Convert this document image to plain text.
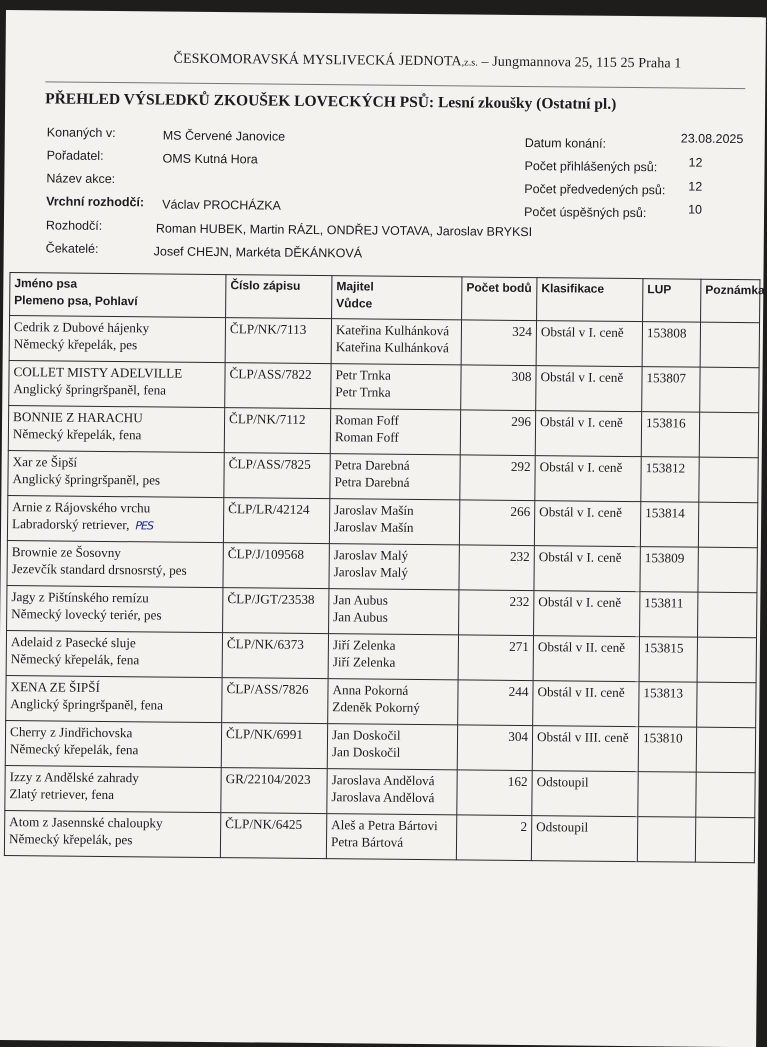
ČESKOMORAVSKÁ MYSLIVECKÁ JEDNOTA,z.s. – Jungmannova 25, 115 25 Praha 1
PŘEHLED VÝSLEDKŮ ZKOUŠEK LOVECKÝCH PSŮ: Lesní zkoušky (Ostatní pl.)
Konaných v:	MS Červené Janovice
Pořadatel:	OMS Kutná Hora
Název akce:
Vrchní rozhodčí: Václav PROCHÁZKA
Rozhodčí:	Roman HUBEK, Martin RÁZL, ONDŘEJ VOTAVA, Jaroslav BRYKSI
Čekatelé:	Josef CHEJN, Markéta DĚKÁNKOVÁ
Datum konání:	23.08.2025
Počet přihlášených psů: 12
Počet předvedených psů: 12
Počet úspěšných psů:	10
Jméno psa
Plemeno psa, Pohlaví	Číslo zápisu	Majitel
Vůdce	Počet bodů	Klasifikace	LUP	Poznámka

Cedrik z Dubové hájenky
Německý křepelák, pes	ČLP/NK/7113	Kateřina Kulhánková
Kateřina Kulhánková	324	Obstál v I. ceně	153808	

COLLET MISTY ADELVILLE
Anglický špringršpaněl, fena	ČLP/ASS/7822	Petr Trnka
Petr Trnka	308	Obstál v I. ceně	153807	

BONNIE Z HARACHU
Německý křepelák, fena	ČLP/NK/7112	Roman Foff
Roman Foff	296	Obstál v I. ceně	153816	

Xar ze Šipší
Anglický špringršpaněl, pes	ČLP/ASS/7825	Petra Darebná
Petra Darebná	292	Obstál v I. ceně	153812	

Arnie z Rájovského vrchu
Labradorský retriever, PES	ČLP/LR/42124	Jaroslav Mašín
Jaroslav Mašín	266	Obstál v I. ceně	153814	

Brownie ze Šosovny
Jezevčík standard drsnosrstý, pes	ČLP/J/109568	Jaroslav Malý
Jaroslav Malý	232	Obstál v I. ceně	153809	

Jagy z Pištínského remízu
Německý lovecký teriér, pes	ČLP/JGT/23538	Jan Aubus
Jan Aubus	232	Obstál v I. ceně	153811	

Adelaid z Pasecké sluje
Německý křepelák, fena	ČLP/NK/6373	Jiří Zelenka
Jiří Zelenka	271	Obstál v II. ceně	153815	

XENA ZE ŠIPŠÍ
Anglický špringršpaněl, fena	ČLP/ASS/7826	Anna Pokorná
Zdeněk Pokorný	244	Obstál v II. ceně	153813	

Cherry z Jindřichovska
Německý křepelák, fena	ČLP/NK/6991	Jan Doskočil
Jan Doskočil	304	Obstál v III. ceně	153810	

Izzy z Andělské zahrady
Zlatý retriever, fena	GR/22104/2023	Jaroslava Andělová
Jaroslava Andělová	162	Odstoupil		

Atom z Jasennské chaloupky
Německý křepelák, pes	ČLP/NK/6425	Aleš a Petra Bártovi
Petra Bártová	2	Odstoupil		
